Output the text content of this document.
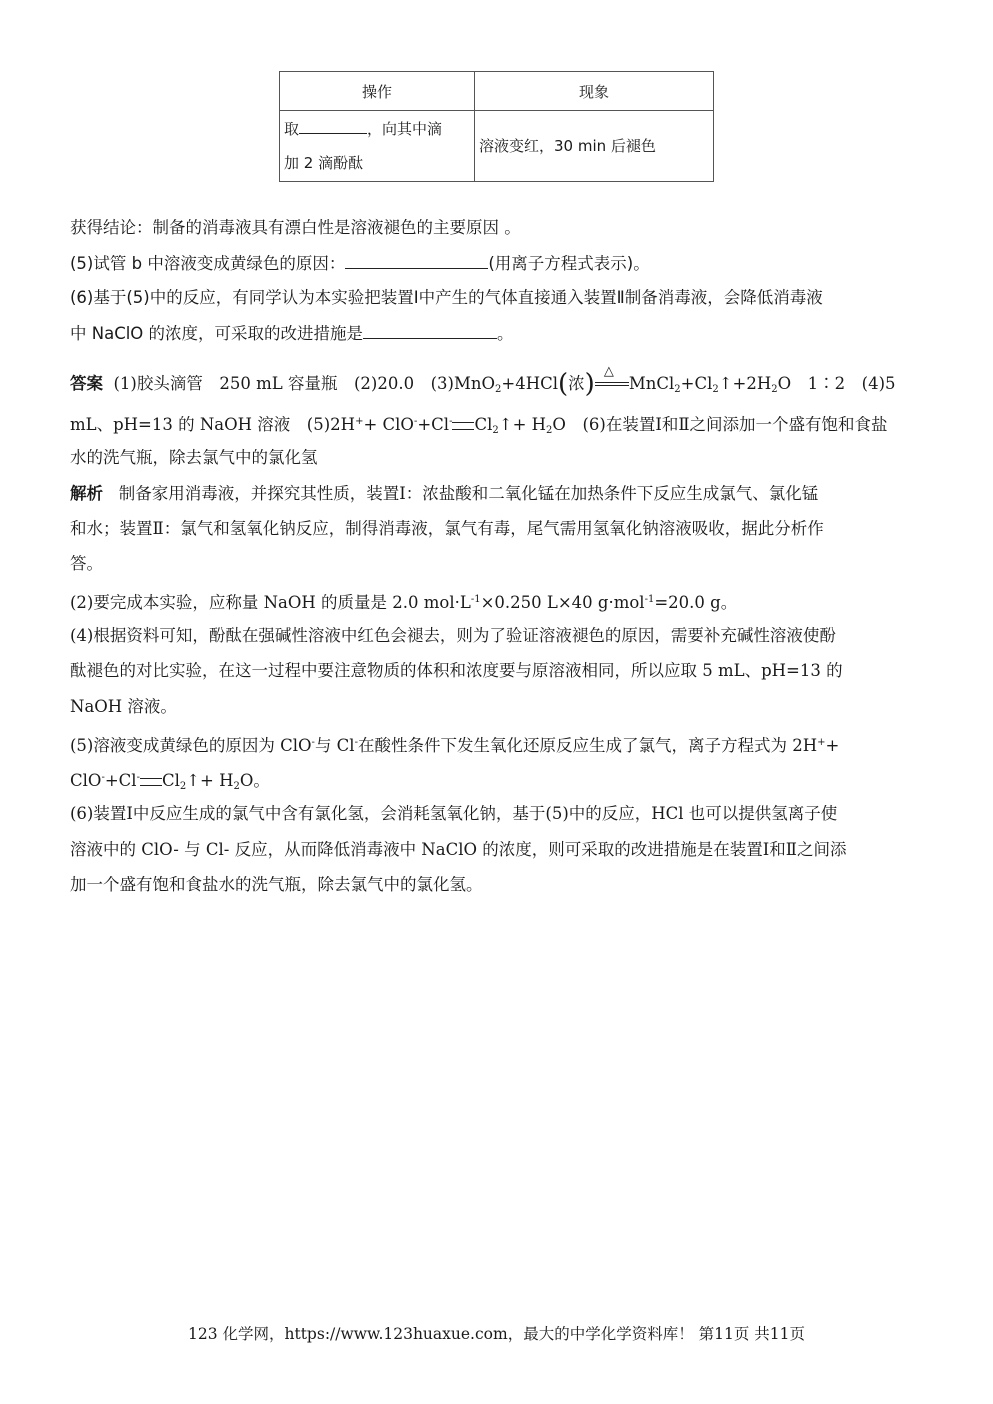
操作	现象
取 ，向其中滴
加 2 滴酚酞	溶液变红，30 min 后褪色
获得结论：制备的消毒液具有漂白性是溶液褪色的主要原因 。
(5)试管 b 中溶液变成黄绿色的原因：	(用离子方程式表示)。
(6)基于(5)中的反应，有同学认为本实验把装置Ⅰ中产生的气体直接通入装置Ⅱ制备消毒液，会降低消毒液
中 NaClO 的浓度，可采取的改进措施是	。
答案 (1)胶头滴管　250 mL 容量瓶　(2)20.0　(3)MnO$_2$+4HCl(浓) △
$MnCl_2+Cl_2↑+2H_2O$　1∶2　(4)5
mL、pH=13 的 NaOH 溶液　(5)2H++ ClO-+Cl- $Cl_2↑+ H_2O$　(6)在装置Ⅰ和Ⅱ之间添加一个盛有饱和食盐
水的洗气瓶，除去氯气中的氯化氢
解析 制备家用消毒液，并探究其性质，装置Ⅰ：浓盐酸和二氧化锰在加热条件下反应生成氯气、氯化锰
和水；装置Ⅱ：氯气和氢氧化钠反应，制得消毒液，氯气有毒，尾气需用氢氧化钠溶液吸收，据此分析作
答。
(2)要完成本实验，应称量 NaOH 的质量是 2.0 $mol\cdot L^{-1}\times 0.250$ L×40 g·mol$^{-1}$=20.0 g。
(4)根据资料可知，酚酞在强碱性溶液中红色会褪去，则为了验证溶液褪色的原因，需要补充碱性溶液使酚
酞褪色的对比实验，在这一过程中要注意物质的体积和浓度要与原溶液相同，所以应取 5 mL、pH=13 的
NaOH 溶液。
(5)溶液变成黄绿色的原因为 ClO-与 Cl-在酸性条件下发生氧化还原反应生成了氯气，离子方程式为 2H++
ClO-+Cl- $Cl_2↑+ H_2O$。
(6)装置Ⅰ中反应生成的氯气中含有氯化氢，会消耗氢氧化钠，基于(5)中的反应，HCl 也可以提供氢离子使
溶液中的 ClO- 与 Cl- 反应，从而降低消毒液中 NaClO 的浓度，则可采取的改进措施是在装置Ⅰ和Ⅱ之间添
加一个盛有饱和食盐水的洗气瓶，除去氯气中的氯化氢。
123 化学网，https://www.123huaxue.com，最大的中学化学资料库！ 第11页 共11页
